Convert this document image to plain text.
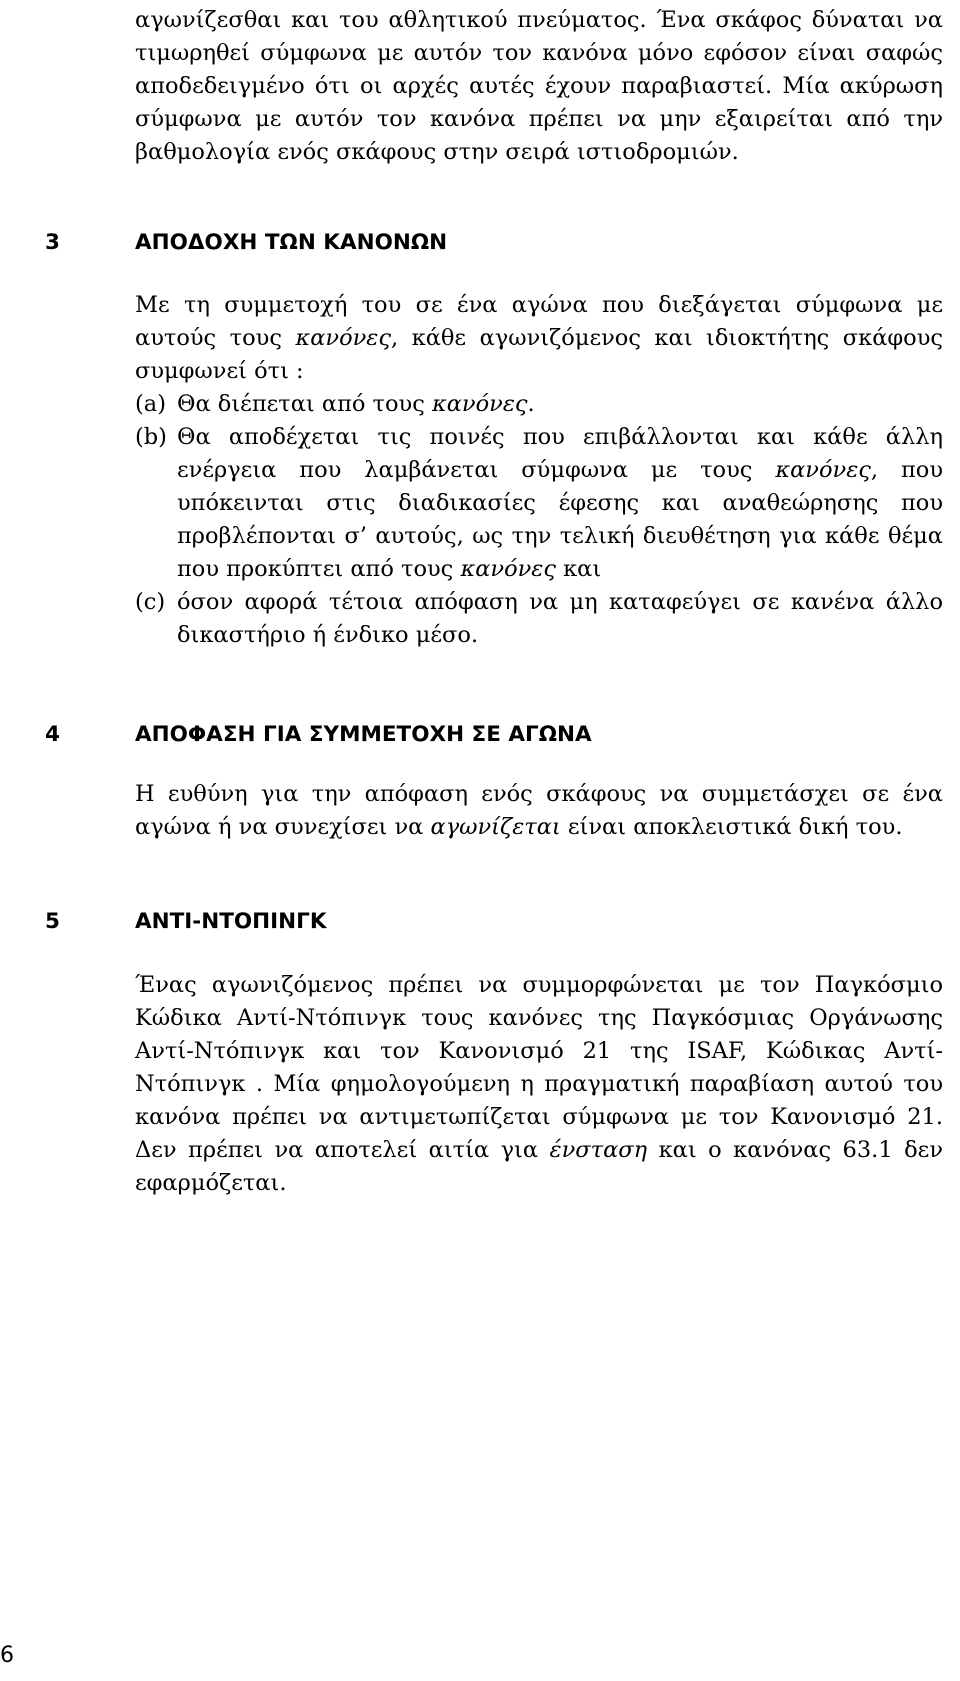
αγωνίζεσθαι και του αθλητικού πνεύματος. Ένα σκάφος δύναται να τιμωρηθεί σύμφωνα με αυτόν τον κανόνα μόνο εφόσον είναι σαφώς αποδεδειγμένο ότι οι αρχές αυτές έχουν παραβιαστεί. Μία ακύρωση σύμφωνα με αυτόν τον κανόνα πρέπει να μην εξαιρείται από την βαθμολογία ενός σκάφους στην σειρά ιστιοδρομιών.

3	ΑΠΟΔΟΧΗ ΤΩΝ ΚΑΝΟΝΩΝ

Με τη συμμετοχή του σε ένα αγώνα που διεξάγεται σύμφωνα με αυτούς τους κανόνες, κάθε αγωνιζόμενος και ιδιοκτήτης σκάφους συμφωνεί ότι :

(a) Θα διέπεται από τους κανόνες.
(b) Θα αποδέχεται τις ποινές που επιβάλλονται και κάθε άλλη ενέργεια που λαμβάνεται σύμφωνα με τους κανόνες, που υπόκεινται στις διαδικασίες έφεσης και αναθεώρησης που προβλέπονται σ’ αυτούς, ως την τελική διευθέτηση για κάθε θέμα που προκύπτει από τους κανόνες και
(c) όσον αφορά τέτοια απόφαση να μη καταφεύγει σε κανένα άλλο δικαστήριο ή ένδικο μέσο.
4	ΑΠΟΦΑΣΗ ΓΙΑ ΣΥΜΜΕΤΟΧΗ ΣΕ ΑΓΩΝΑ

Η ευθύνη για την απόφαση ενός σκάφους να συμμετάσχει σε ένα αγώνα ή να συνεχίσει να αγωνίζεται είναι αποκλειστικά δική του.

5	ΑΝΤΙ-ΝΤΟΠΙΝΓΚ

Ένας αγωνιζόμενος πρέπει να συμμορφώνεται με τον Παγκόσμιο Κώδικα Αντί-Ντόπινγκ τους κανόνες της Παγκόσμιας Οργάνωσης Αντί-Ντόπινγκ και τον Κανονισμό 21 της ISAF, Κώδικας Αντί-Ντόπινγκ . Μία φημολογούμενη η πραγματική παραβίαση αυτού του κανόνα πρέπει να αντιμετωπίζεται σύμφωνα με τον Κανονισμό 21. Δεν πρέπει να αποτελεί αιτία για ένσταση και ο κανόνας 63.1 δεν εφαρμόζεται.

6
